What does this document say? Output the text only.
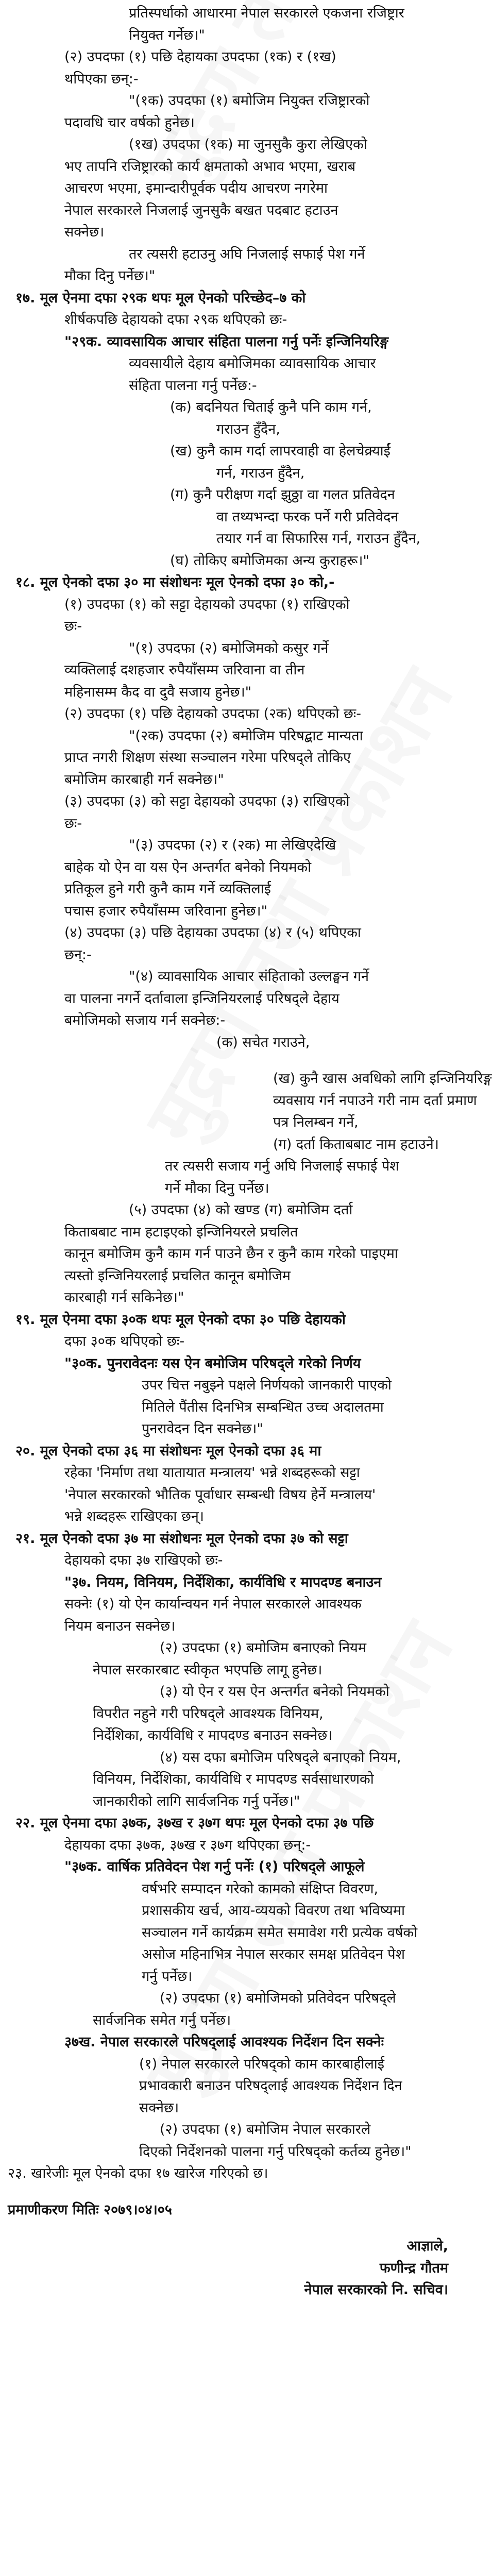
प्रतिस्पर्धाको आधारमा नेपाल सरकारले एकजना रजिष्ट्रार
नियुक्त गर्नेछ।"
(२) उपदफा (१) पछि देहायका उपदफा (१क) र (१ख)
थपिएका छन्:-
"(१क) उपदफा (१) बमोजिम नियुक्त रजिष्ट्रारको
पदावधि चार वर्षको हुनेछ।
(१ख) उपदफा (१क) मा जुनसुकै कुरा लेखिएको
भए तापनि रजिष्ट्रारको कार्य क्षमताको अभाव भएमा, खराब
आचरण भएमा, इमान्दारीपूर्वक पदीय आचरण नगरेमा
नेपाल सरकारले निजलाई जुनसुकै बखत पदबाट हटाउन
सक्नेछ।
तर त्यसरी हटाउनु अघि निजलाई सफाई पेश गर्ने
मौका दिनु पर्नेछ।"
१७. मूल ऐनमा दफा २९क थपः मूल ऐनको परिच्छेद–७ को
शीर्षकपछि देहायको दफा २९क थपिएको छः-
"२९क. व्यावसायिक आचार संहिता पालना गर्नु पर्नेः इन्जिनियरिङ्ग
व्यवसायीले देहाय बमोजिमका व्यावसायिक आचार
संहिता पालना गर्नु पर्नेछ:-
(क) बदनियत चिताई कुनै पनि काम गर्न,
गराउन हुँदैन,
(ख) कुनै काम गर्दा लापरवाही वा हेलचेक्र्याईं
गर्न, गराउन हुँदैन,
(ग) कुनै परीक्षण गर्दा झुठ्ठा वा गलत प्रतिवेदन
वा तथ्यभन्दा फरक पर्ने गरी प्रतिवेदन
तयार गर्न वा सिफारिस गर्न, गराउन हुँदैन,
(घ) तोकिए बमोजिमका अन्य कुराहरू।"
१८. मूल ऐनको दफा ३० मा संशोधनः मूल ऐनको दफा ३० को,-
(१) उपदफा (१) को सट्टा देहायको उपदफा (१) राखिएको
छः-
"(१) उपदफा (२) बमोजिमको कसुर गर्ने
व्यक्तिलाई दशहजार रुपैयाँसम्म जरिवाना वा तीन
महिनासम्म कैद वा दुवै सजाय हुनेछ।"
(२) उपदफा (१) पछि देहायको उपदफा (२क) थपिएको छः-
"(२क) उपदफा (२) बमोजिम परिषद्बाट मान्यता
प्राप्त नगरी शिक्षण संस्था सञ्चालन गरेमा परिषद्ले तोकिए
बमोजिम कारबाही गर्न सक्नेछ।"
(३) उपदफा (३) को सट्टा देहायको उपदफा (३) राखिएको
छः-
"(३) उपदफा (२) र (२क) मा लेखिएदेखि
बाहेक यो ऐन वा यस ऐन अन्तर्गत बनेको नियमको
प्रतिकूल हुने गरी कुनै काम गर्ने व्यक्तिलाई
पचास हजार रुपैयाँसम्म जरिवाना हुनेछ।"
(४) उपदफा (३) पछि देहायका उपदफा (४) र (५) थपिएका
छन्:-
"(४) व्यावसायिक आचार संहिताको उल्लङ्घन गर्ने
वा पालना नगर्ने दर्तावाला इन्जिनियरलाई परिषद्ले देहाय
बमोजिमको सजाय गर्न सक्नेछ:-
(क) सचेत गराउने,
(ख) कुनै खास अवधिको लागि इन्जिनियरिङ्ग
व्यवसाय गर्न नपाउने गरी नाम दर्ता प्रमाण
पत्र निलम्बन गर्ने,
(ग) दर्ता किताबबाट नाम हटाउने।
तर त्यसरी सजाय गर्नु अघि निजलाई सफाई पेश
गर्ने मौका दिनु पर्नेछ।
(५) उपदफा (४) को खण्ड (ग) बमोजिम दर्ता
किताबबाट नाम हटाइएको इन्जिनियरले प्रचलित
कानून बमोजिम कुनै काम गर्न पाउने छैन र कुनै काम गरेको पाइएमा
त्यस्तो इन्जिनियरलाई प्रचलित कानून बमोजिम
कारबाही गर्न सकिनेछ।"
१९. मूल ऐनमा दफा ३०क थपः मूल ऐनको दफा ३० पछि देहायको
दफा ३०क थपिएको छः-
"३०क. पुनरावेदनः यस ऐन बमोजिम परिषद्ले गरेको निर्णय
उपर चित्त नबुझ्ने पक्षले निर्णयको जानकारी पाएको
मितिले पैंतीस दिनभित्र सम्बन्धित उच्च अदालतमा
पुनरावेदन दिन सक्नेछ।"
२०. मूल ऐनको दफा ३६ मा संशोधनः मूल ऐनको दफा ३६ मा
रहेका 'निर्माण तथा यातायात मन्त्रालय' भन्ने शब्दहरूको सट्टा
'नेपाल सरकारको भौतिक पूर्वाधार सम्बन्धी विषय हेर्ने मन्त्रालय'
भन्ने शब्दहरू राखिएका छन्।
२१. मूल ऐनको दफा ३७ मा संशोधनः मूल ऐनको दफा ३७ को सट्टा
देहायको दफा ३७ राखिएको छः-
"३७. नियम, विनियम, निर्देशिका, कार्यविधि र मापदण्ड बनाउन
सक्नेः (१) यो ऐन कार्यान्वयन गर्न नेपाल सरकारले आवश्यक
नियम बनाउन सक्नेछ।
(२) उपदफा (१) बमोजिम बनाएको नियम
नेपाल सरकारबाट स्वीकृत भएपछि लागू हुनेछ।
(३) यो ऐन र यस ऐन अन्तर्गत बनेको नियमको
विपरीत नहुने गरी परिषद्ले आवश्यक विनियम,
निर्देशिका, कार्यविधि र मापदण्ड बनाउन सक्नेछ।
(४) यस दफा बमोजिम परिषद्ले बनाएको नियम,
विनियम, निर्देशिका, कार्यविधि र मापदण्ड सर्वसाधारणको
जानकारीको लागि सार्वजनिक गर्नु पर्नेछ।"
२२. मूल ऐनमा दफा ३७क, ३७ख र ३७ग थपः मूल ऐनको दफा ३७ पछि
देहायका दफा ३७क, ३७ख र ३७ग थपिएका छन्:-
"३७क. वार्षिक प्रतिवेदन पेश गर्नु पर्नेः (१) परिषद्ले आफूले
वर्षभरि सम्पादन गरेको कामको संक्षिप्त विवरण,
प्रशासकीय खर्च, आय-व्ययको विवरण तथा भविष्यमा
सञ्चालन गर्ने कार्यक्रम समेत समावेश गरी प्रत्येक वर्षको
असोज महिनाभित्र नेपाल सरकार समक्ष प्रतिवेदन पेश
गर्नु पर्नेछ।
(२) उपदफा (१) बमोजिमको प्रतिवेदन परिषद्ले
सार्वजनिक समेत गर्नु पर्नेछ।
३७ख. नेपाल सरकारले परिषद्लाई आवश्यक निर्देशन दिन सक्नेः
(१) नेपाल सरकारले परिषद्को काम कारबाहीलाई
प्रभावकारी बनाउन परिषद्लाई आवश्यक निर्देशन दिन
सक्नेछ।
(२) उपदफा (१) बमोजिम नेपाल सरकारले
दिएको निर्देशनको पालना गर्नु परिषद्को कर्तव्य हुनेछ।"
२३. खारेजीः मूल ऐनको दफा १७ खारेज गरिएको छ।
प्रमाणीकरण मितिः २०७९।०४।०५
आज्ञाले,
फणीन्द्र गौतम
नेपाल सरकारको नि. सचिव।
